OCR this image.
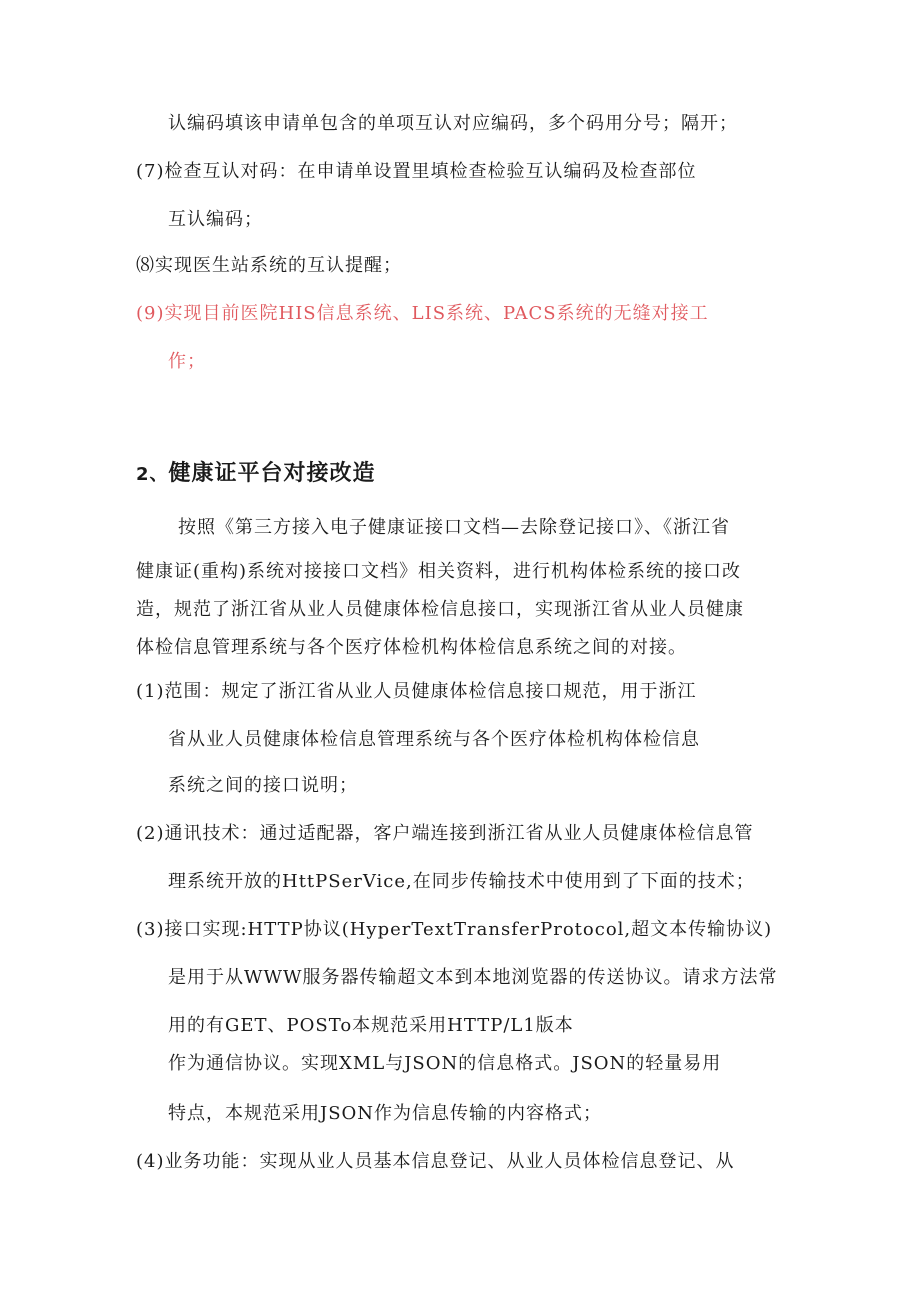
认编码填该申请单包含的单项互认对应编码，多个码用分号；隔开；
(7)检查互认对码：在申请单设置里填检查检验互认编码及检查部位
互认编码；
⑻实现医生站系统的互认提醒；
(9)实现目前医院HIS信息系统、LIS系统、PACS系统的无缝对接工
作；
2、健康证平台对接改造
按照《第三方接入电子健康证接口文档—去除登记接口》、《浙江省
健康证(重构)系统对接接口文档》相关资料，进行机构体检系统的接口改
造，规范了浙江省从业人员健康体检信息接口，实现浙江省从业人员健康
体检信息管理系统与各个医疗体检机构体检信息系统之间的对接。
(1)范围：规定了浙江省从业人员健康体检信息接口规范，用于浙江
省从业人员健康体检信息管理系统与各个医疗体检机构体检信息
系统之间的接口说明；
(2)通讯技术：通过适配器，客户端连接到浙江省从业人员健康体检信息管
理系统开放的HttPSerVice,在同步传输技术中使用到了下面的技术；
(3)接口实现:HTTP协议(HyperTextTransferProtocol,超文本传输协议)
是用于从WWW服务器传输超文本到本地浏览器的传送协议。请求方法常
用的有GET、POSTo本规范采用HTTP/L1版本
作为通信协议。实现XML与JSON的信息格式。JSON的轻量易用
特点，本规范采用JSON作为信息传输的内容格式；
(4)业务功能：实现从业人员基本信息登记、从业人员体检信息登记、从
